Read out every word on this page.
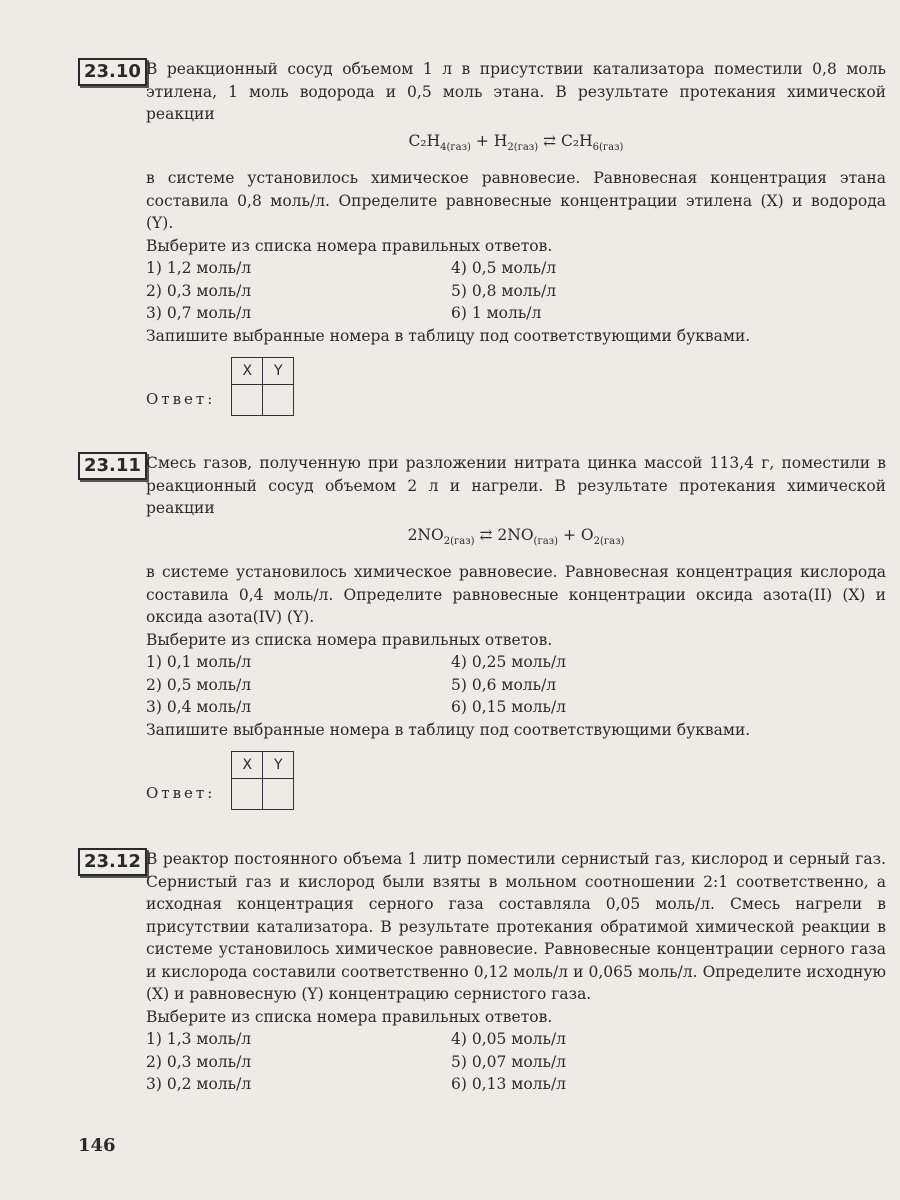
23.10 В реакционный сосуд объемом 1 л в присутствии катализатора поместили 0,8 моль этилена, 1 моль водорода и 0,5 моль этана. В результате протекания химической реакции

$C_2H_{4(газ)} + H_{2(газ)}$ ⇄ $C_2H_{6(газ)}$

в системе установилось химическое равновесие. Равновесная концентрация этана составила 0,8 моль/л. Определите равновесные концентрации этилена (X) и водорода (Y).

Выберите из списка номера правильных ответов.

1) 1,2 моль/л	4) 0,5 моль/л
2) 0,3 моль/л	5) 0,8 моль/л
3) 0,7 моль/л	6) 1 моль/л

Запишите выбранные номера в таблицу под соответствующими буквами.

Ответ:
X	Y

23.11 Смесь газов, полученную при разложении нитрата цинка массой 113,4 г, поместили в реакционный сосуд объемом 2 л и нагрели. В результате протекания химической реакции

$2NO_{2(газ)}$ ⇄ $2NO_{(газ)} + O_{2(газ)}$

в системе установилось химическое равновесие. Равновесная концентрация кислорода составила 0,4 моль/л. Определите равновесные концентрации оксида азота(II) (X) и оксида азота(IV) (Y).

Выберите из списка номера правильных ответов.

1) 0,1 моль/л	4) 0,25 моль/л
2) 0,5 моль/л	5) 0,6 моль/л
3) 0,4 моль/л	6) 0,15 моль/л

Запишите выбранные номера в таблицу под соответствующими буквами.

Ответ:
X	Y

23.12 В реактор постоянного объема 1 литр поместили сернистый газ, кислород и серный газ. Сернистый газ и кислород были взяты в мольном соотношении 2:1 соответственно, а исходная концентрация серного газа составляла 0,05 моль/л. Смесь нагрели в присутствии катализатора. В результате протекания обратимой химической реакции в системе установилось химическое равновесие. Равновесные концентрации серного газа и кислорода составили соответственно 0,12 моль/л и 0,065 моль/л. Определите исходную (X) и равновесную (Y) концентрацию сернистого газа.

Выберите из списка номера правильных ответов.

1) 1,3 моль/л	4) 0,05 моль/л
2) 0,3 моль/л	5) 0,07 моль/л
3) 0,2 моль/л	6) 0,13 моль/л
146
